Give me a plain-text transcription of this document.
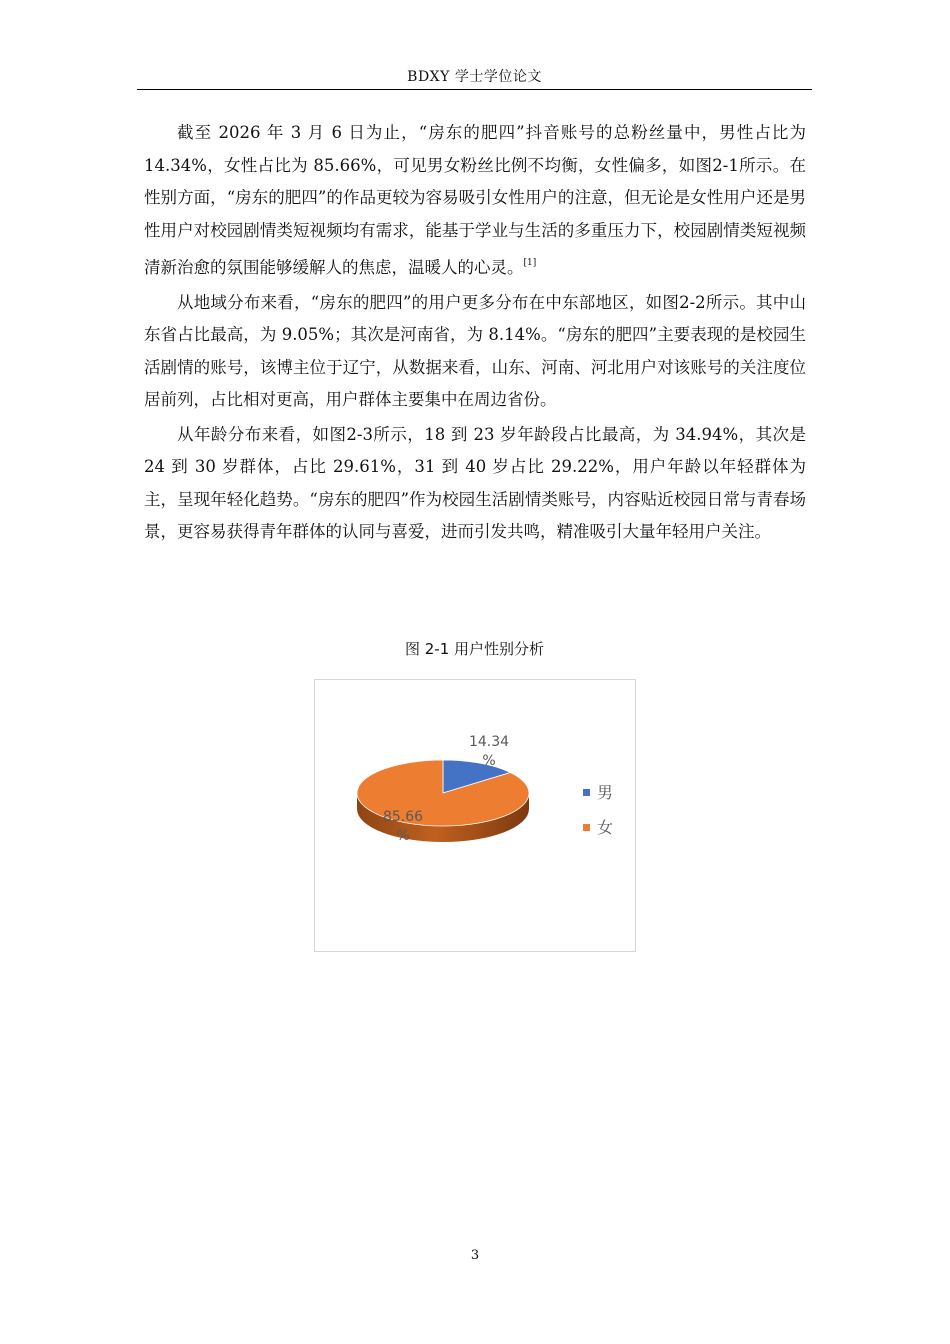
BDXY 学士学位论文

截至 2026 年 3 月 6 日为止，“房东的肥四”抖音账号的总粉丝量中，男性占比为 14.34%，女性占比为 85.66%，可见男女粉丝比例不均衡，女性偏多，如图2-1所示。在性别方面，“房东的肥四”的作品更较为容易吸引女性用户的注意，但无论是女性用户还是男性用户对校园剧情类短视频均有需求，能基于学业与生活的多重压力下，校园剧情类短视频清新治愈的氛围能够缓解人的焦虑，温暖人的心灵。[1]

从地域分布来看，“房东的肥四”的用户更多分布在中东部地区，如图2-2所示。其中山东省占比最高，为 9.05%；其次是河南省，为 8.14%。“房东的肥四”主要表现的是校园生活剧情的账号，该博主位于辽宁，从数据来看，山东、河南、河北用户对该账号的关注度位居前列，占比相对更高，用户群体主要集中在周边省份。

从年龄分布来看，如图2-3所示，18 到 23 岁年龄段占比最高，为 34.94%，其次是 24 到 30 岁群体，占比 29.61%，31 到 40 岁占比 29.22%，用户年龄以年轻群体为主，呈现年轻化趋势。“房东的肥四”作为校园生活剧情类账号，内容贴近校园日常与青春场景，更容易获得青年群体的认同与喜爱，进而引发共鸣，精准吸引大量年轻用户关注。

图 2-1 用户性别分析
14.34 %
85.66 %
男
女
3
